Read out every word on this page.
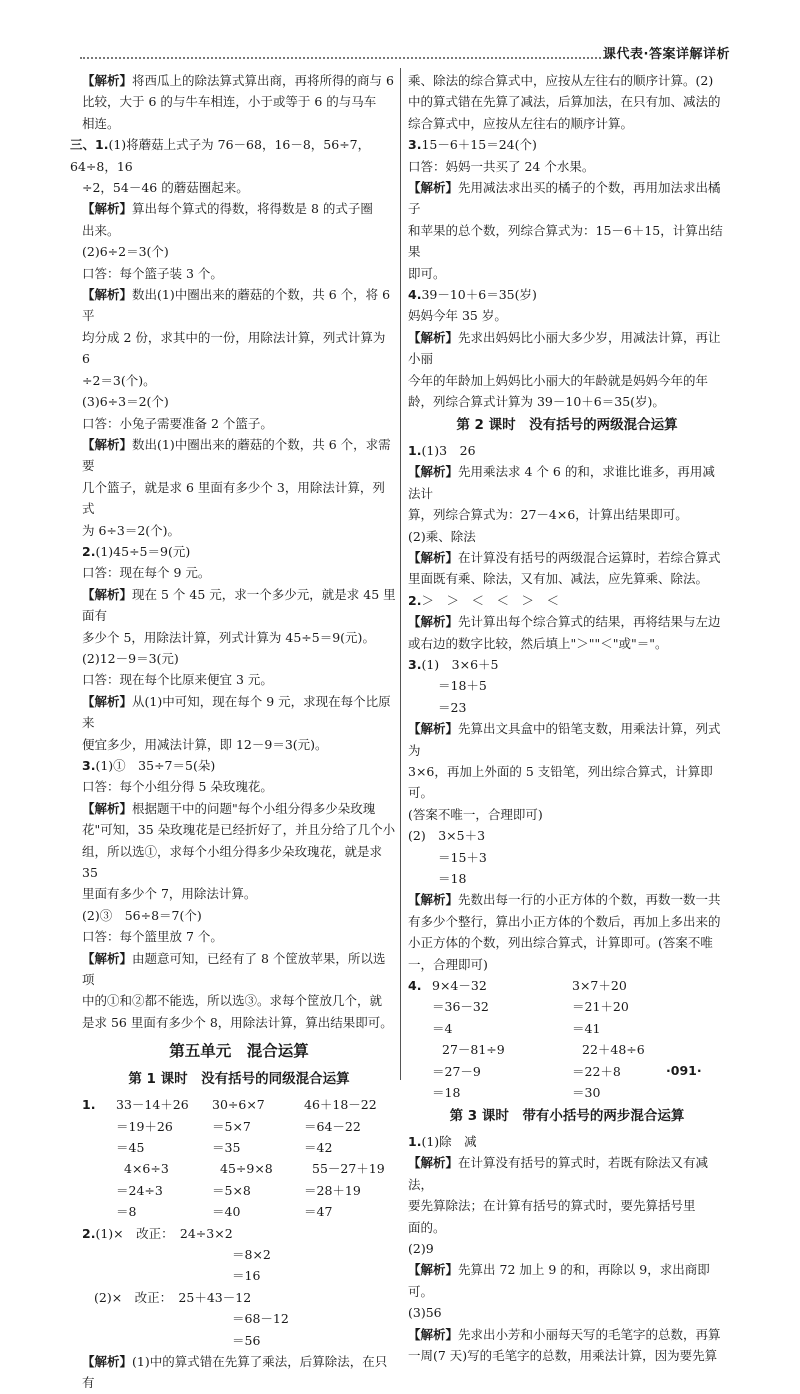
课代表·答案详解详析

【解析】将西瓜上的除法算式算出商，再将所得的商与 6

比较，大于 6 的与牛车相连，小于或等于 6 的与马车

相连。

三、1.(1)将蘑菇上式子为 76－68，16－8，56÷7，64÷8，16

÷2，54－46 的蘑菇圈起来。

【解析】算出每个算式的得数，将得数是 8 的式子圈

出来。

(2)6÷2＝3(个)

口答：每个篮子装 3 个。

【解析】数出(1)中圈出来的蘑菇的个数，共 6 个，将 6 平

均分成 2 份，求其中的一份，用除法计算，列式计算为 6

÷2＝3(个)。

(3)6÷3＝2(个)

口答：小兔子需要准备 2 个篮子。

【解析】数出(1)中圈出来的蘑菇的个数，共 6 个，求需要

几个篮子，就是求 6 里面有多少个 3，用除法计算，列式

为 6÷3＝2(个)。

2.(1)45÷5＝9(元)

口答：现在每个 9 元。

【解析】现在 5 个 45 元，求一个多少元，就是求 45 里面有

多少个 5，用除法计算，列式计算为 45÷5＝9(元)。

(2)12－9＝3(元)

口答：现在每个比原来便宜 3 元。

【解析】从(1)中可知，现在每个 9 元，求现在每个比原来

便宜多少，用减法计算，即 12－9＝3(元)。

3.(1)①　35÷7＝5(朵)

口答：每个小组分得 5 朵玫瑰花。

【解析】根据题干中的问题"每个小组分得多少朵玫瑰

花"可知，35 朵玫瑰花是已经折好了，并且分给了几个小

组，所以选①，求每个小组分得多少朵玫瑰花，就是求 35

里面有多少个 7，用除法计算。

(2)③　56÷8＝7(个)

口答：每个篮里放 7 个。

【解析】由题意可知，已经有了 8 个筐放苹果，所以选项

中的①和②都不能选，所以选③。求每个筐放几个，就

是求 56 里面有多少个 8，用除法计算，算出结果即可。

第五单元　混合运算
第 1 课时　没有括号的同级混合运算
1.	33－14＋26	30÷6×7	46＋18－22
＝19＋26	＝5×7	＝64－22
＝45	＝35	＝42
4×6÷3	45÷9×8	55－27＋19
＝24÷3	＝5×8	＝28＋19
＝8	＝40	＝47

2.(1)×　改正：　24÷3×2

＝8×2

＝16

(2)×　改正：　25＋43－12

＝68－12

＝56

【解析】(1)中的算式错在先算了乘法，后算除法，在只有

乘、除法的综合算式中，应按从左往右的顺序计算。(2)

中的算式错在先算了减法，后算加法，在只有加、减法的

综合算式中，应按从左往右的顺序计算。

3.15－6＋15＝24(个)

口答：妈妈一共买了 24 个水果。

【解析】先用减法求出买的橘子的个数，再用加法求出橘子

和苹果的总个数，列综合算式为：15－6＋15，计算出结果

即可。

4.39－10＋6＝35(岁)

妈妈今年 35 岁。

【解析】先求出妈妈比小丽大多少岁，用减法计算，再让小丽

今年的年龄加上妈妈比小丽大的年龄就是妈妈今年的年

龄，列综合算式计算为 39－10＋6＝35(岁)。

第 2 课时　没有括号的两级混合运算

1.(1)3　26

【解析】先用乘法求 4 个 6 的和，求谁比谁多，再用减法计

算，列综合算式为：27－4×6，计算出结果即可。

(2)乘、除法

【解析】在计算没有括号的两级混合运算时，若综合算式

里面既有乘、除法，又有加、减法，应先算乘、除法。

2.＞　＞　＜　＜　＞　＜

【解析】先计算出每个综合算式的结果，再将结果与左边

或右边的数字比较，然后填上"＞""＜"或"＝"。

3.(1)　3×6＋5

＝18＋5

＝23

【解析】先算出文具盒中的铅笔支数，用乘法计算，列式为

3×6，再加上外面的 5 支铅笔，列出综合算式，计算即可。

(答案不唯一，合理即可)

(2)　3×5＋3

＝15＋3

＝18

【解析】先数出每一行的小正方体的个数，再数一数一共

有多少个整行，算出小正方体的个数后，再加上多出来的

小正方体的个数，列出综合算式，计算即可。(答案不唯

一，合理即可)

4. 9×4－32	3×7＋20
＝36－32	＝21＋20
＝4	＝41
27－81÷9	22＋48÷6
＝27－9	＝22＋8
＝18	＝30
第 3 课时　带有小括号的两步混合运算

1.(1)除　减

【解析】在计算没有括号的算式时，若既有除法又有减法，

要先算除法；在计算有括号的算式时，要先算括号里

面的。

(2)9

【解析】先算出 72 加上 9 的和，再除以 9，求出商即可。

(3)56

【解析】先求出小芳和小丽每天写的毛笔字的总数，再算

一周(7 天)写的毛笔字的总数，用乘法计算，因为要先算

·091·
